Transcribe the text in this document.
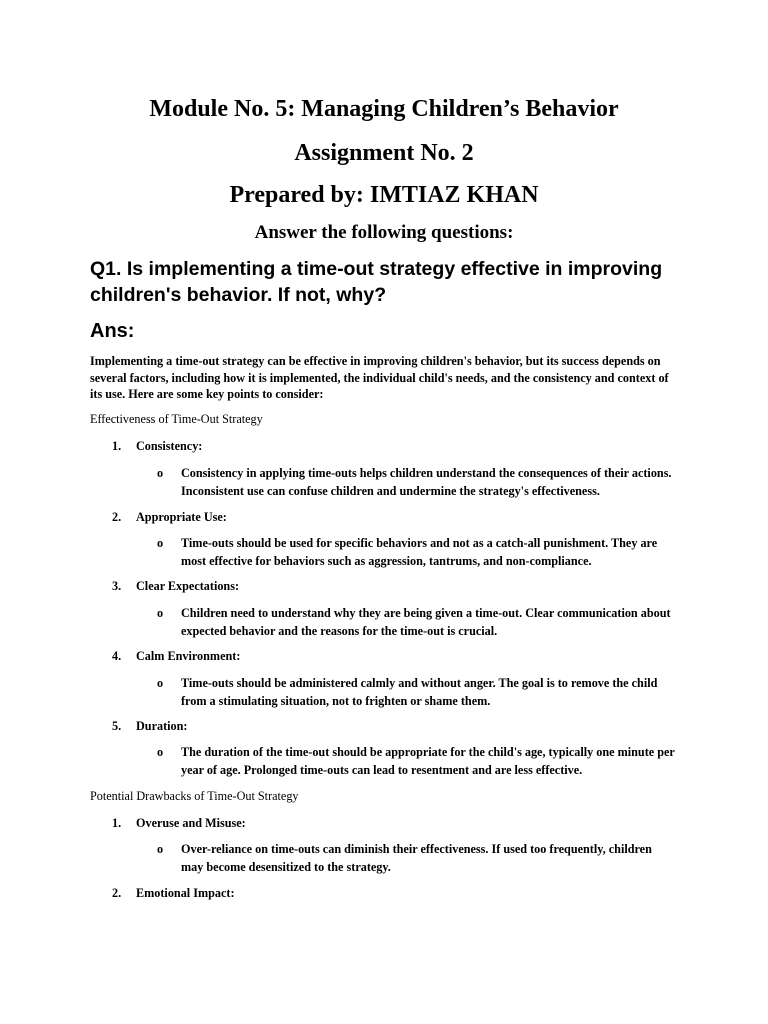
Module No. 5: Managing Children’s Behavior
Assignment No. 2
Prepared by: IMTIAZ KHAN
Answer the following questions:
Q1. Is implementing a time-out strategy effective in improving children's behavior. If not, why?
Ans:
Implementing a time-out strategy can be effective in improving children's behavior, but its success depends on several factors, including how it is implemented, the individual child's needs, and the consistency and context of its use. Here are some key points to consider:
Effectiveness of Time-Out Strategy
1. Consistency:
o Consistency in applying time-outs helps children understand the consequences of their actions. Inconsistent use can confuse children and undermine the strategy's effectiveness.
2. Appropriate Use:
o Time-outs should be used for specific behaviors and not as a catch-all punishment. They are most effective for behaviors such as aggression, tantrums, and non-compliance.
3. Clear Expectations:
o Children need to understand why they are being given a time-out. Clear communication about expected behavior and the reasons for the time-out is crucial.
4. Calm Environment:
o Time-outs should be administered calmly and without anger. The goal is to remove the child from a stimulating situation, not to frighten or shame them.
5. Duration:
o The duration of the time-out should be appropriate for the child's age, typically one minute per year of age. Prolonged time-outs can lead to resentment and are less effective.
Potential Drawbacks of Time-Out Strategy
1. Overuse and Misuse:
o Over-reliance on time-outs can diminish their effectiveness. If used too frequently, children may become desensitized to the strategy.
2. Emotional Impact:
